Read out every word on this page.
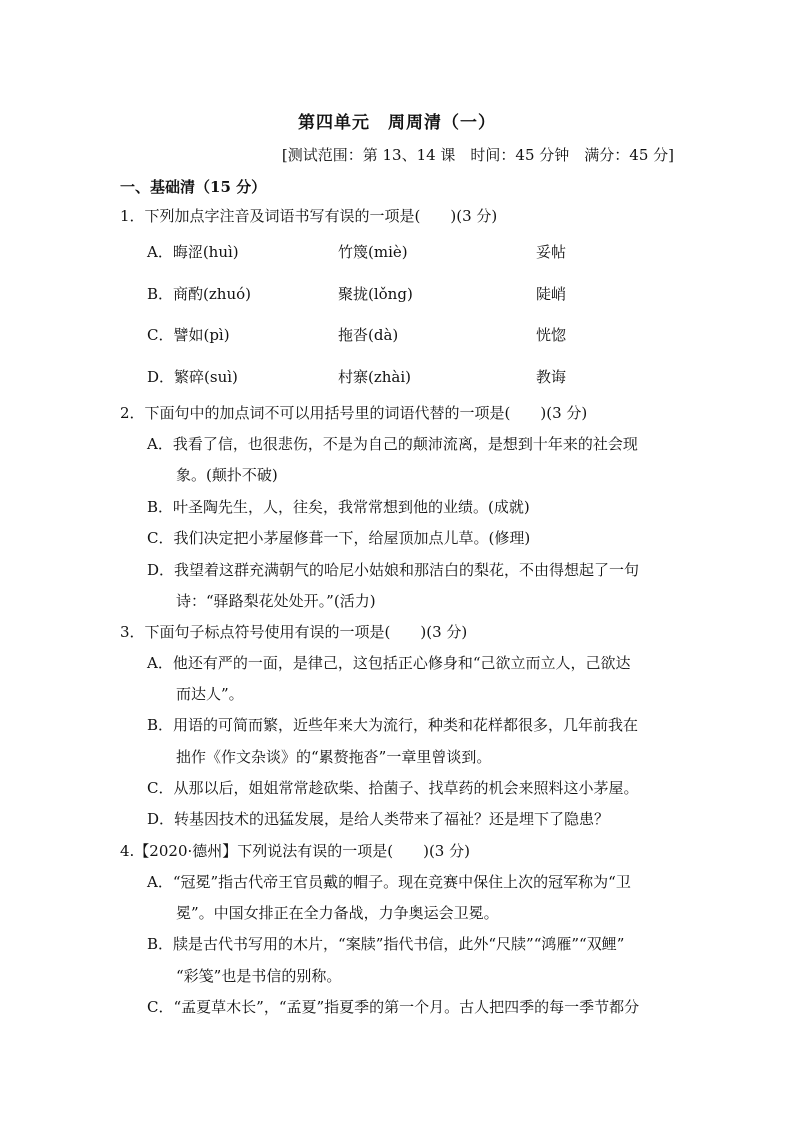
第四单元　周周清（一）
[测试范围：第 13、14 课　时间：45 分钟　满分：45 分]
一、基础清（15 分）
1．下列加点字注音及词语书写有误的一项是(　　)(3 分)
A．晦涩(huì)	竹篾(miè)	妥帖
B．商酌(zhuó)	聚拢(lǒng)	陡峭
C．譬如(pì)	拖沓(dà)	恍惚
D．繁碎(suì)	村寨(zhài)	教诲
2．下面句中的加点词不可以用括号里的词语代替的一项是(　　)(3 分)
A．我看了信，也很悲伤，不是为自己的颠沛流离，是想到十年来的社会现
象。(颠扑不破)
B．叶圣陶先生，人，往矣，我常常想到他的业绩。(成就)
C．我们决定把小茅屋修葺一下，给屋顶加点儿草。(修理)
D．我望着这群充满朝气的哈尼小姑娘和那洁白的梨花，不由得想起了一句
诗：“驿路梨花处处开。”(活力)
3．下面句子标点符号使用有误的一项是(　　)(3 分)
A．他还有严的一面，是律己，这包括正心修身和“己欲立而立人，己欲达
而达人”。
B．用语的可简而繁，近些年来大为流行，种类和花样都很多，几年前我在
拙作《作文杂谈》的“累赘拖沓”一章里曾谈到。
C．从那以后，姐姐常常趁砍柴、拾菌子、找草药的机会来照料这小茅屋。
D．转基因技术的迅猛发展，是给人类带来了福祉？还是埋下了隐患？
4.【2020·德州】下列说法有误的一项是(　　)(3 分)
A．“冠冕”指古代帝王官员戴的帽子。现在竞赛中保住上次的冠军称为“卫
冕”。中国女排正在全力备战，力争奥运会卫冕。
B．牍是古代书写用的木片，“案牍”指代书信，此外“尺牍”“鸿雁”“双鲤”
“彩笺”也是书信的别称。
C．“孟夏草木长”，“孟夏”指夏季的第一个月。古人把四季的每一季节都分
